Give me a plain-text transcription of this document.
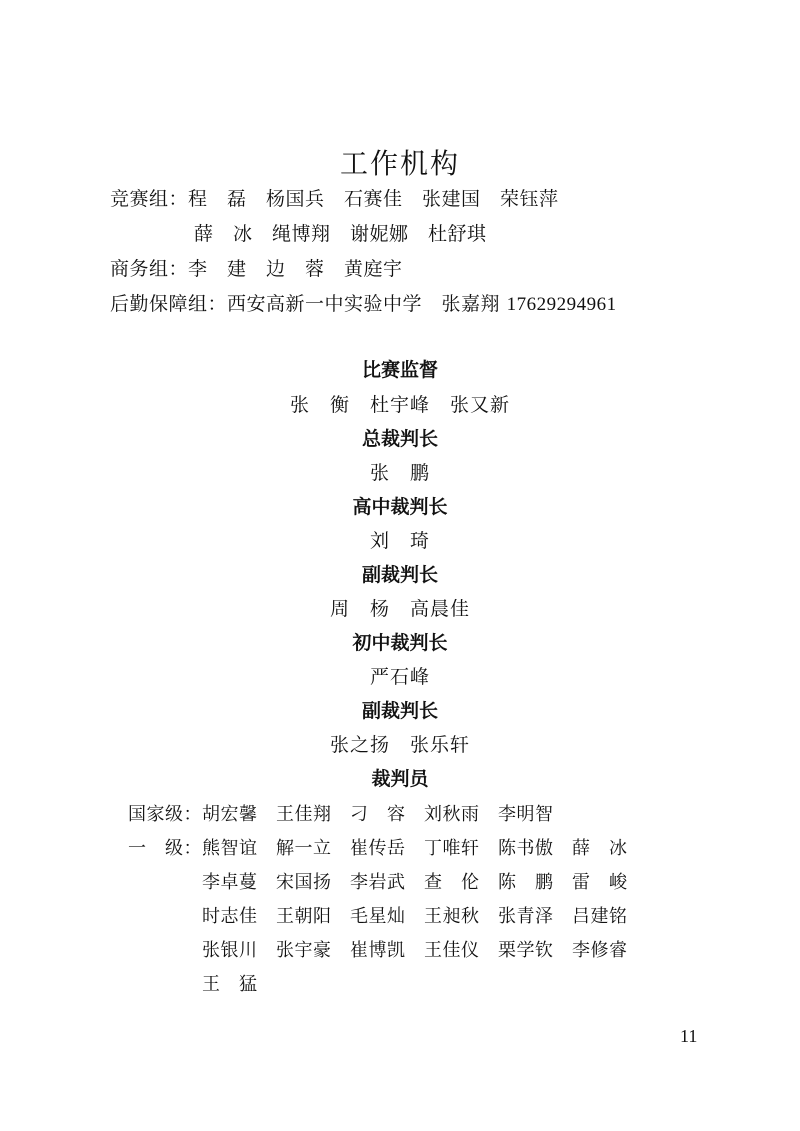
工作机构
竞赛组：程　磊　杨国兵　石赛佳　张建国　荣钰萍
薛　冰　绳博翔　谢妮娜　杜舒琪
商务组：李　建　边　蓉　黄庭宇
后勤保障组：西安高新一中实验中学　张嘉翔 17629294961
比赛监督
张　衡　杜宇峰　张又新
总裁判长
张　鹏
高中裁判长
刘　琦
副裁判长
周　杨　高晨佳
初中裁判长
严石峰
副裁判长
张之扬　张乐轩
裁判员
国家级： 胡宏馨　王佳翔　刁　容　刘秋雨　李明智
一　级： 熊智谊　解一立　崔传岳　丁唯轩　陈书傲　薛　冰
李卓蔓　宋国扬　李岩武　查　伦　陈　鹏　雷　峻
时志佳　王朝阳　毛星灿　王昶秋　张青泽　吕建铭
张银川　张宇豪　崔博凯　王佳仪　栗学钦　李修睿
王　猛
11
